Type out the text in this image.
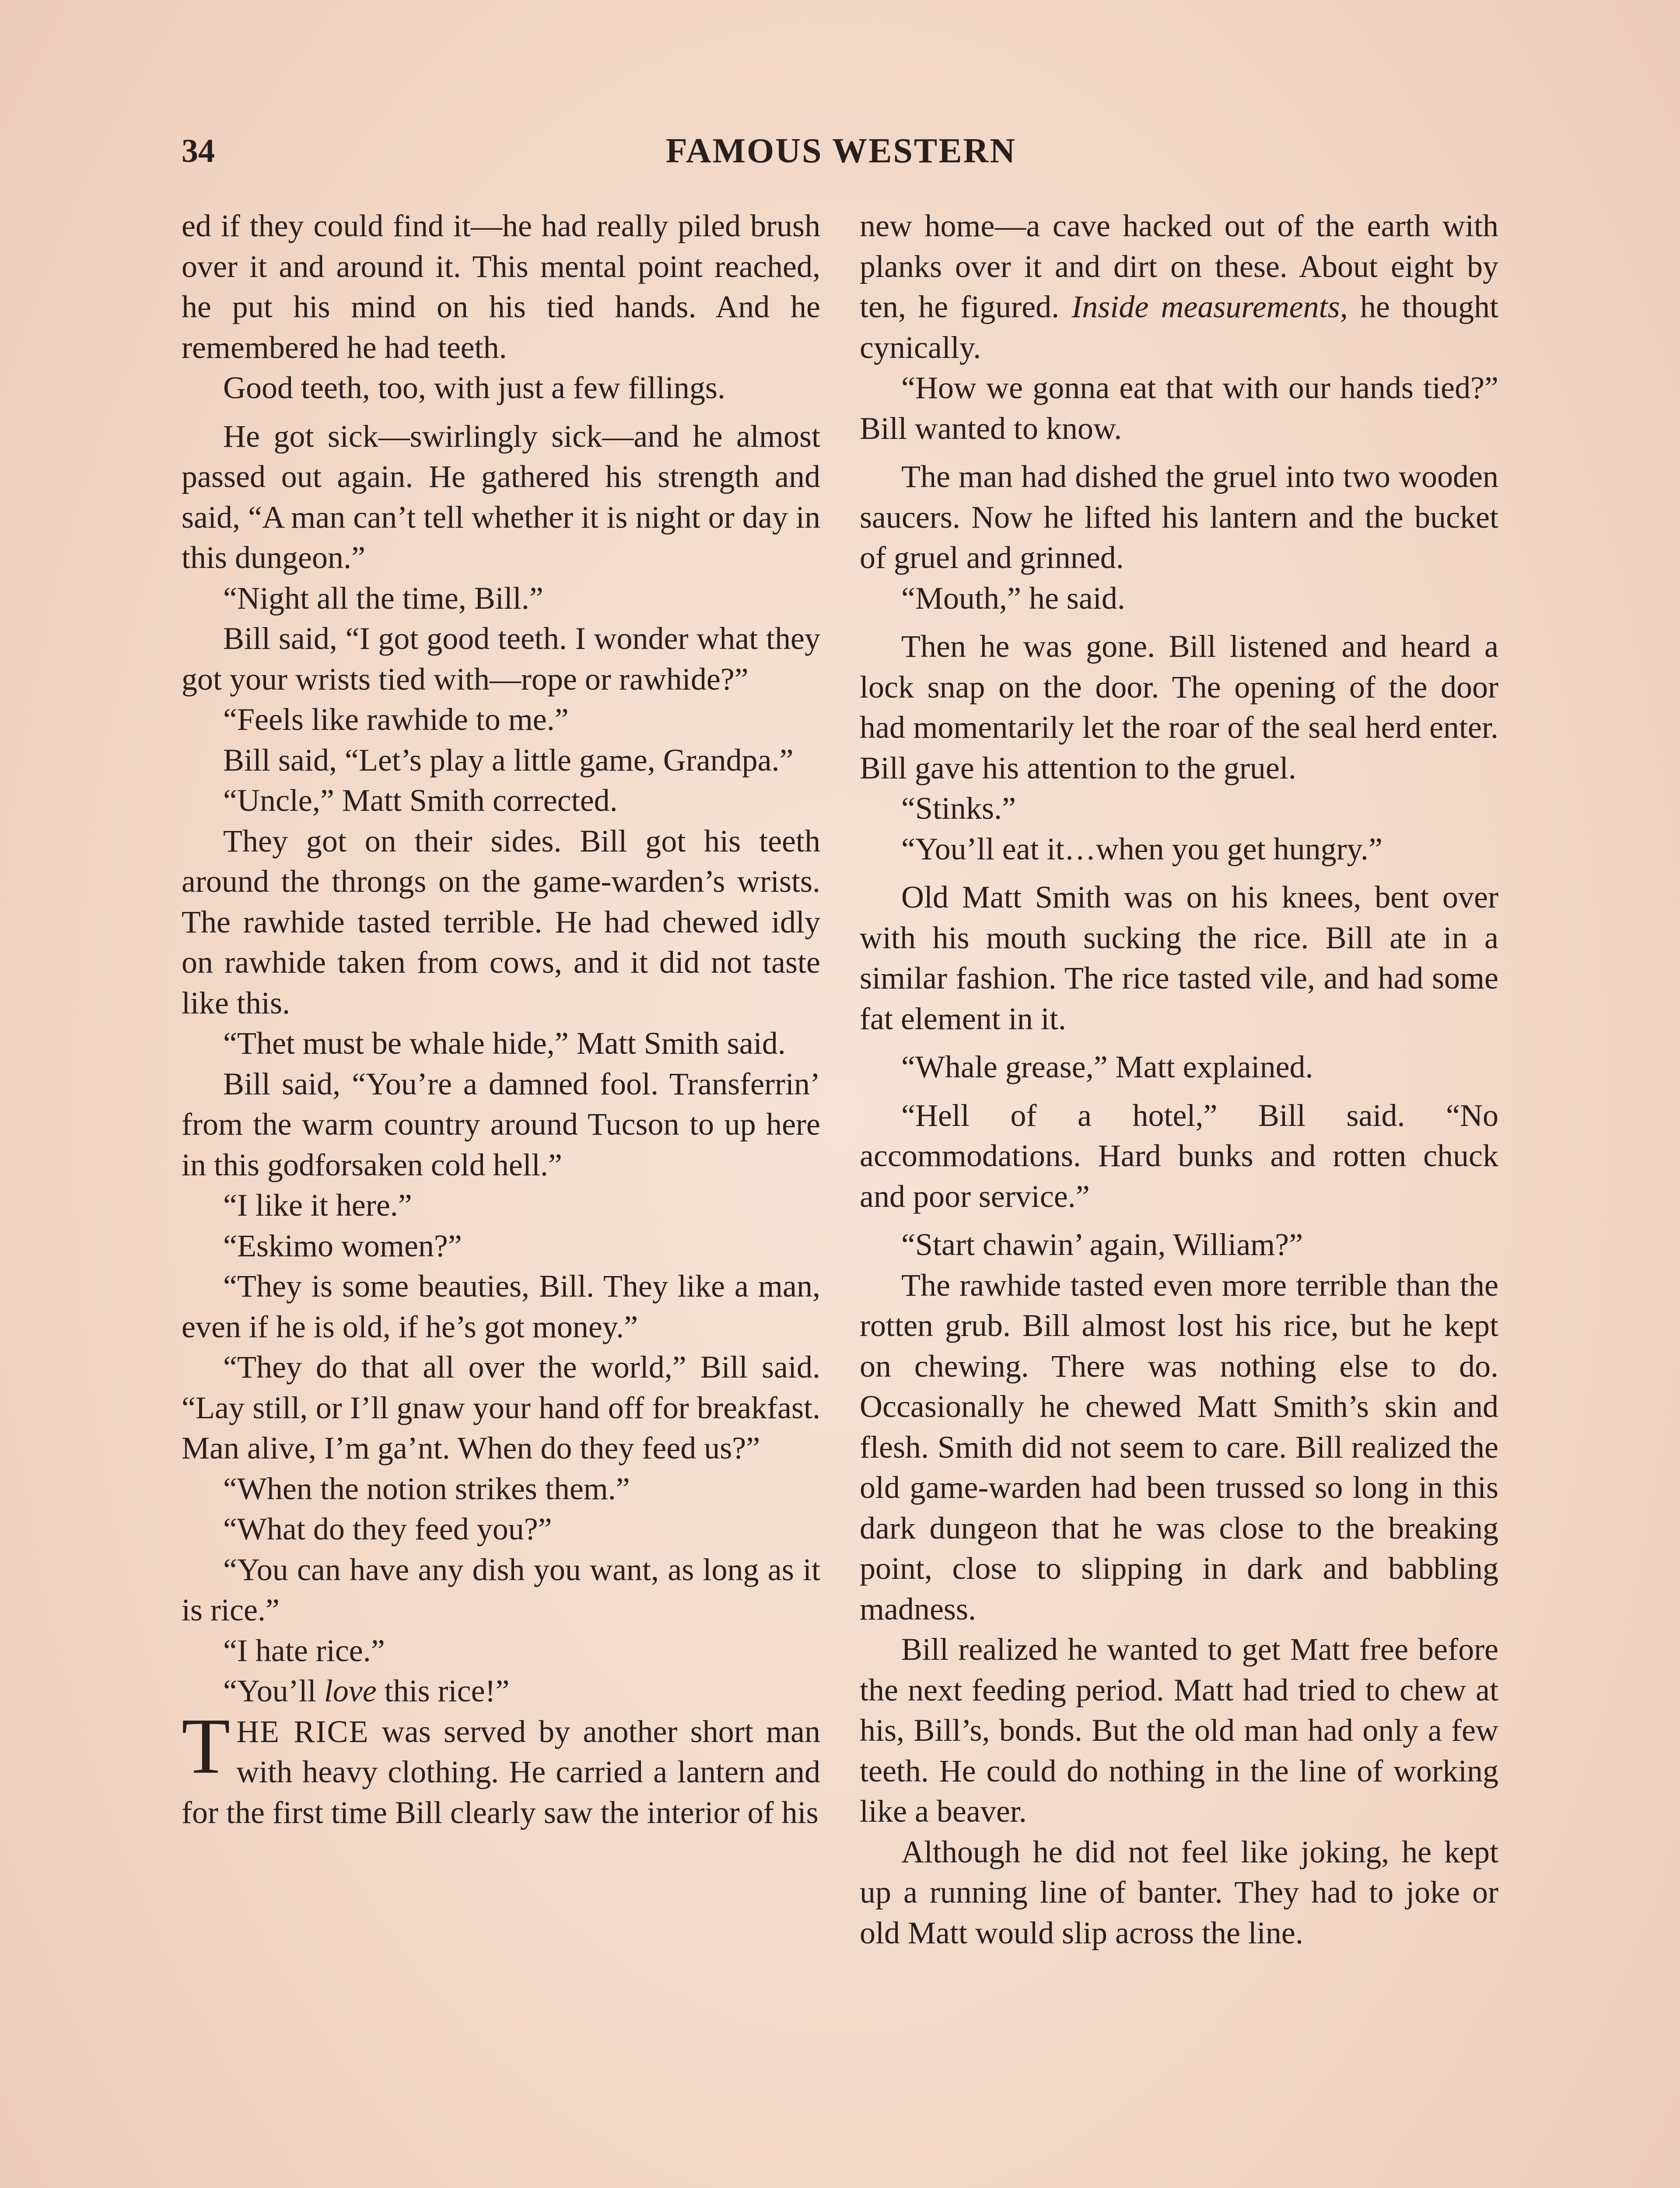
34	FAMOUS WESTERN

ed if they could find it—he had really piled brush over it and around it. This mental point reached, he put his mind on his tied hands. And he remembered he had teeth.

Good teeth, too, with just a few fillings.

He got sick—swirlingly sick—and he almost passed out again. He gathered his strength and said, “A man can’t tell whether it is night or day in this dungeon.”

“Night all the time, Bill.”

Bill said, “I got good teeth. I wonder what they got your wrists tied with—rope or rawhide?”

“Feels like rawhide to me.”

Bill said, “Let’s play a little game, Grandpa.”

“Uncle,” Matt Smith corrected.

They got on their sides. Bill got his teeth around the throngs on the game-warden’s wrists. The rawhide tasted terrible. He had chewed idly on rawhide taken from cows, and it did not taste like this.

“Thet must be whale hide,” Matt Smith said.

Bill said, “You’re a damned fool. Transferrin’ from the warm country around Tucson to up here in this godforsaken cold hell.”

“I like it here.”

“Eskimo women?”

“They is some beauties, Bill. They like a man, even if he is old, if he’s got money.”

“They do that all over the world,” Bill said. “Lay still, or I’ll gnaw your hand off for breakfast. Man alive, I’m ga’nt. When do they feed us?”

“When the notion strikes them.”

“What do they feed you?”

“You can have any dish you want, as long as it is rice.”

“I hate rice.”

“You’ll love this rice!”

THE RICE was served by another short man with heavy clothing. He carried a lantern and for the first time Bill clearly saw the interior of his

new home—a cave hacked out of the earth with planks over it and dirt on these. About eight by ten, he figured. Inside measurements, he thought cynically.

“How we gonna eat that with our hands tied?” Bill wanted to know.

The man had dished the gruel into two wooden saucers. Now he lifted his lantern and the bucket of gruel and grinned.

“Mouth,” he said.

Then he was gone. Bill listened and heard a lock snap on the door. The opening of the door had momentarily let the roar of the seal herd enter. Bill gave his attention to the gruel.

“Stinks.”

“You’ll eat it…when you get hungry.”

Old Matt Smith was on his knees, bent over with his mouth sucking the rice. Bill ate in a similar fashion. The rice tasted vile, and had some fat element in it.

“Whale grease,” Matt explained.

“Hell of a hotel,” Bill said. “No accommodations. Hard bunks and rotten chuck and poor service.”

“Start chawin’ again, William?”

The rawhide tasted even more terrible than the rotten grub. Bill almost lost his rice, but he kept on chewing. There was nothing else to do. Occasionally he chewed Matt Smith’s skin and flesh. Smith did not seem to care. Bill realized the old game-warden had been trussed so long in this dark dungeon that he was close to the breaking point, close to slipping in dark and babbling madness.

Bill realized he wanted to get Matt free before the next feeding period. Matt had tried to chew at his, Bill’s, bonds. But the old man had only a few teeth. He could do nothing in the line of working like a beaver.

Although he did not feel like joking, he kept up a running line of banter. They had to joke or old Matt would slip across the line.
